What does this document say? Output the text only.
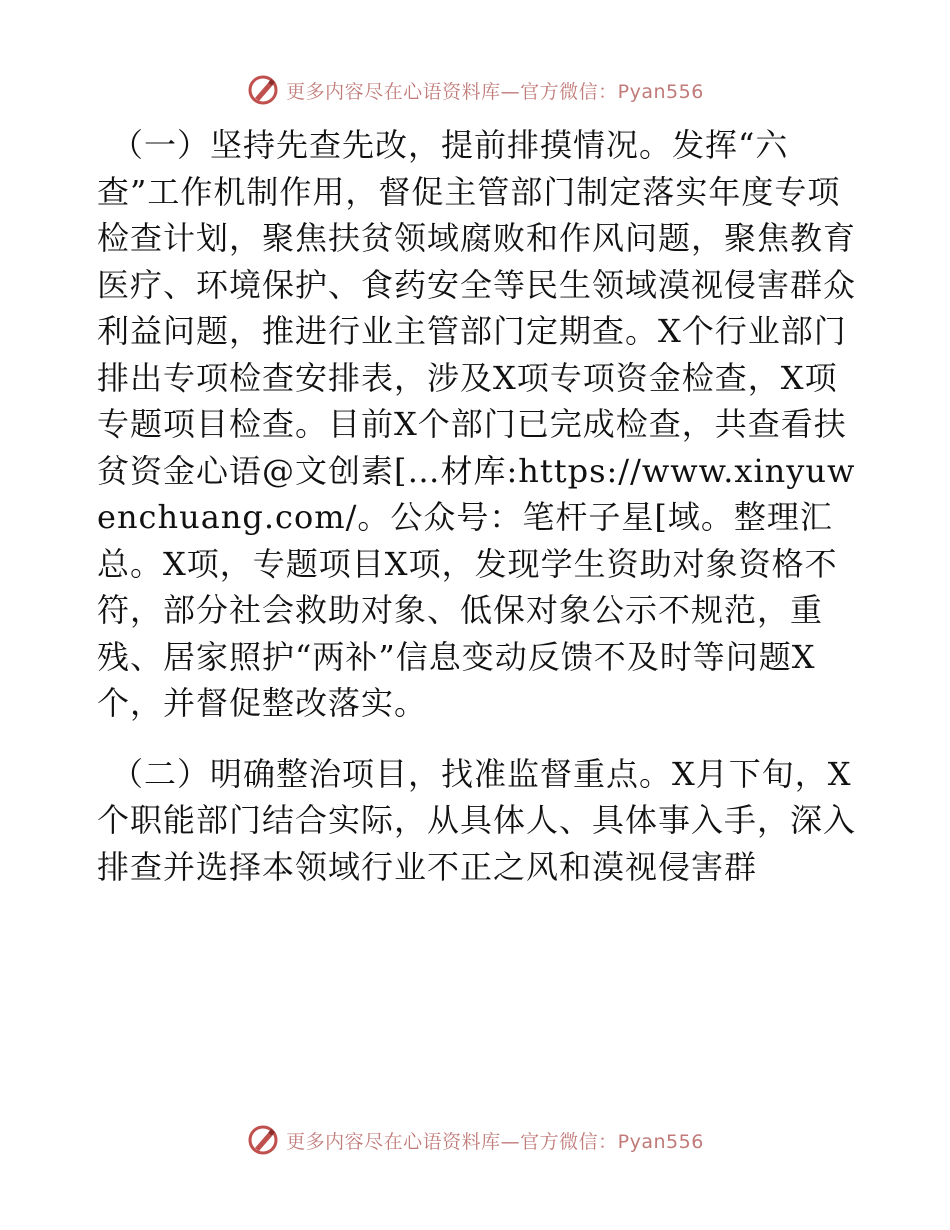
更多内容尽在心语资料库—官方微信：Pyan556

（一）坚持先查先改，提前排摸情况。发挥“六查”工作机制作用，督促主管部门制定落实年度专项检查计划，聚焦扶贫领域腐败和作风问题，聚焦教育医疗、环境保护、食药安全等民生领域漠视侵害群众利益问题，推进行业主管部门定期查。X个行业部门排出专项检查安排表，涉及X项专项资金检查，X项专题项目检查。目前X个部门已完成检查，共查看扶贫资金心语@文创素[…材库:https://www.xinyuwenchuang.com/。公众号：笔杆子星[域。整理汇总。X项，专题项目X项，发现学生资助对象资格不符，部分社会救助对象、低保对象公示不规范，重残、居家照护“两补”信息变动反馈不及时等问题X个，并督促整改落实。

（二）明确整治项目，找准监督重点。X月下旬，X个职能部门结合实际，从具体人、具体事入手，深入排查并选择本领域行业不正之风和漠视侵害群

更多内容尽在心语资料库—官方微信：Pyan556
